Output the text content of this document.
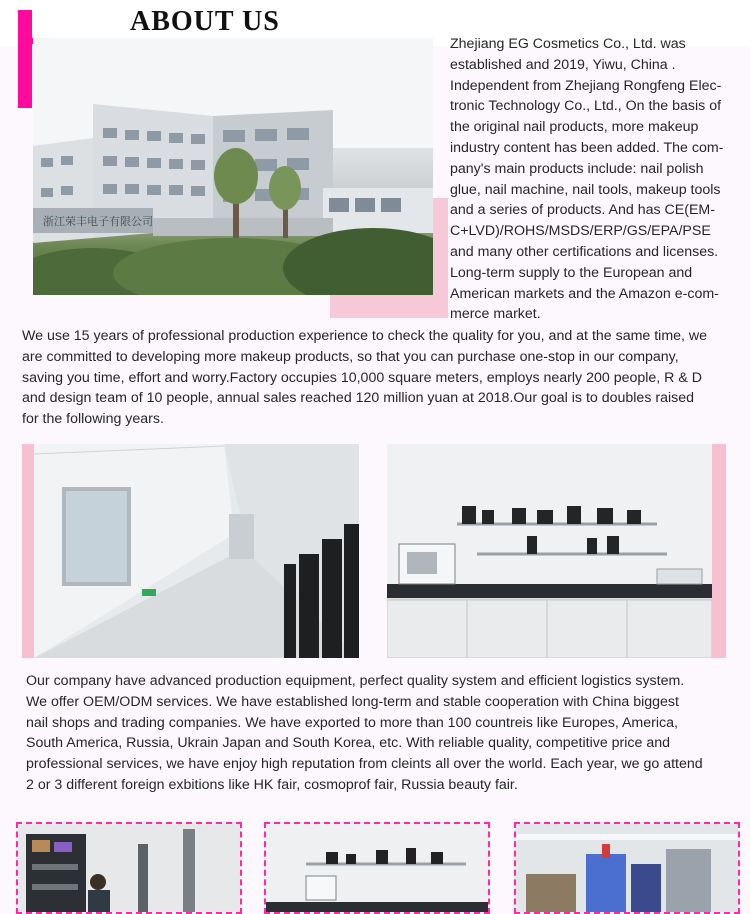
ABOUT US
浙江荣丰电子有限公司

Zhejiang EG Cosmetics Co., Ltd. was

established and 2019, Yiwu, China .

Independent from Zhejiang Rongfeng Elec-

tronic Technology Co., Ltd., On the basis of

the original nail products, more makeup

industry content has been added. The com-

pany's main products include: nail polish

glue, nail machine, nail tools, makeup tools

and a series of products. And has CE(EM-

C+LVD)/ROHS/MSDS/ERP/GS/EPA/PSE

and many other certifications and licenses.

Long-term supply to the European and

American markets and the Amazon e-com-

merce market.

We use 15 years of professional production experience to check the quality for you, and at the same time, we

are committed to developing more makeup products, so that you can purchase one-stop in our company,

saving you time, effort and worry.Factory occupies 10,000 square meters, employs nearly 200 people, R & D

and design team of 10 people, annual sales reached 120 million yuan at 2018.Our goal is to doubles raised

for the following years.

Our company have advanced production equipment, perfect quality system and efficient logistics system.

We offer OEM/ODM services. We have established long-term and stable cooperation with China biggest

nail shops and trading companies. We have exported to more than 100 countreis like Europes, America,

South America, Russia, Ukrain Japan and South Korea, etc. With reliable quality, competitive price and

professional services, we have enjoy high reputation from cleints all over the world. Each year, we go attend

2 or 3 different foreign exbitions like HK fair, cosmoprof fair, Russia beauty fair.
